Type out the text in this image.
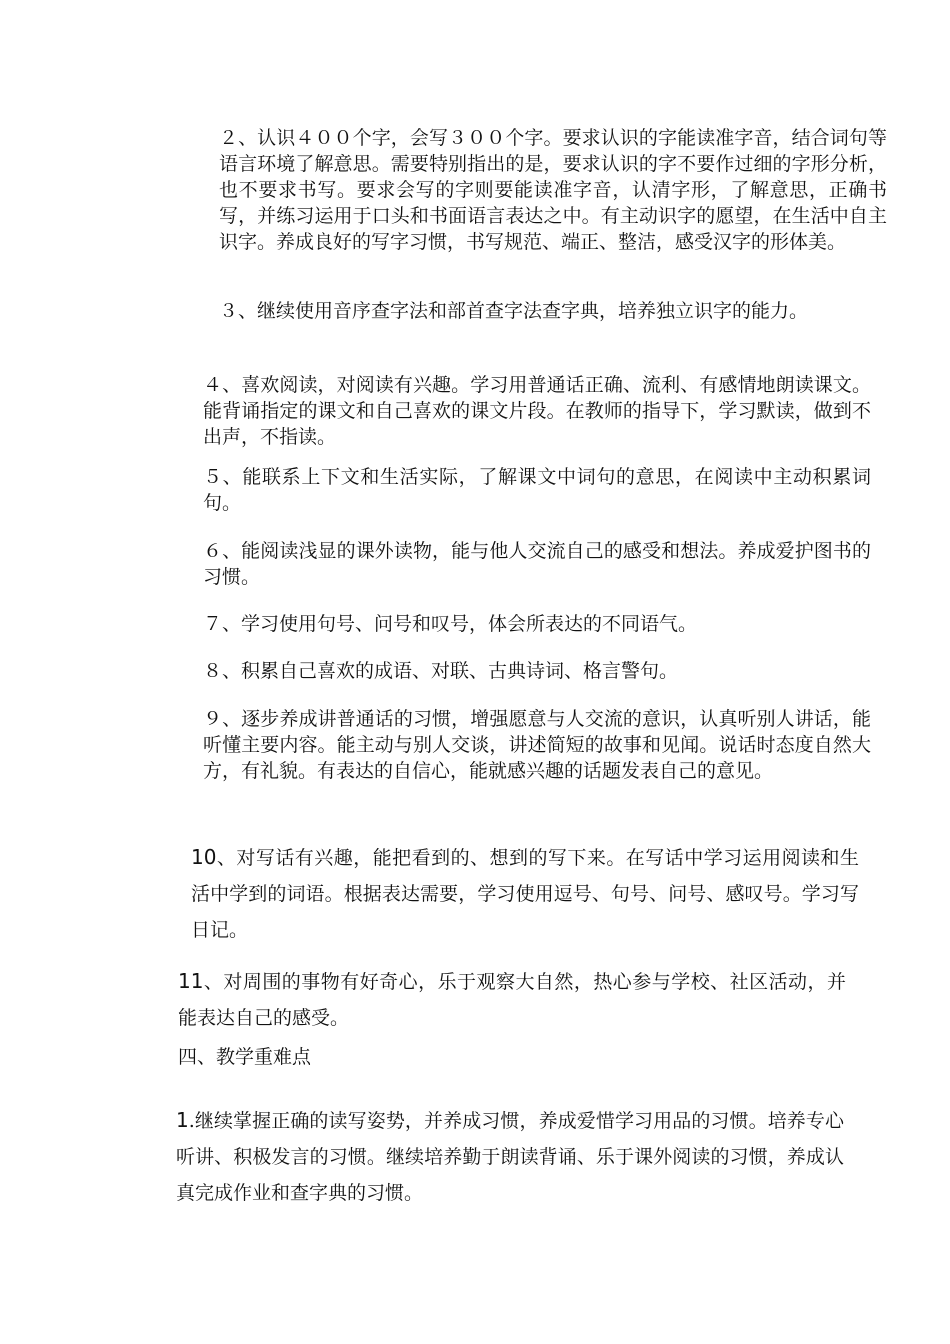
２、认识４００个字，会写３００个字。要求认识的字能读准字音，结合词句等语言环境了解意思。需要特别指出的是，要求认识的字不要作过细的字形分析，也不要求书写。要求会写的字则要能读准字音，认清字形，了解意思，正确书写，并练习运用于口头和书面语言表达之中。有主动识字的愿望，在生活中自主识字。养成良好的写字习惯，书写规范、端正、整洁，感受汉字的形体美。

３、继续使用音序查字法和部首查字法查字典，培养独立识字的能力。

４、喜欢阅读，对阅读有兴趣。学习用普通话正确、流利、有感情地朗读课文。能背诵指定的课文和自己喜欢的课文片段。在教师的指导下，学习默读，做到不出声，不指读。

５、能联系上下文和生活实际，了解课文中词句的意思，在阅读中主动积累词句。

６、能阅读浅显的课外读物，能与他人交流自己的感受和想法。养成爱护图书的习惯。

７、学习使用句号、问号和叹号，体会所表达的不同语气。

８、积累自己喜欢的成语、对联、古典诗词、格言警句。

９、逐步养成讲普通话的习惯，增强愿意与人交流的意识，认真听别人讲话，能听懂主要内容。能主动与别人交谈，讲述简短的故事和见闻。说话时态度自然大方，有礼貌。有表达的自信心，能就感兴趣的话题发表自己的意见。

10、对写话有兴趣，能把看到的、想到的写下来。在写话中学习运用阅读和生活中学到的词语。根据表达需要，学习使用逗号、句号、问号、感叹号。学习写日记。

11、对周围的事物有好奇心，乐于观察大自然，热心参与学校、社区活动，并能表达自己的感受。

四、教学重难点

1.继续掌握正确的读写姿势，并养成习惯，养成爱惜学习用品的习惯。培养专心听讲、积极发言的习惯。继续培养勤于朗读背诵、乐于课外阅读的习惯，养成认真完成作业和查字典的习惯。
